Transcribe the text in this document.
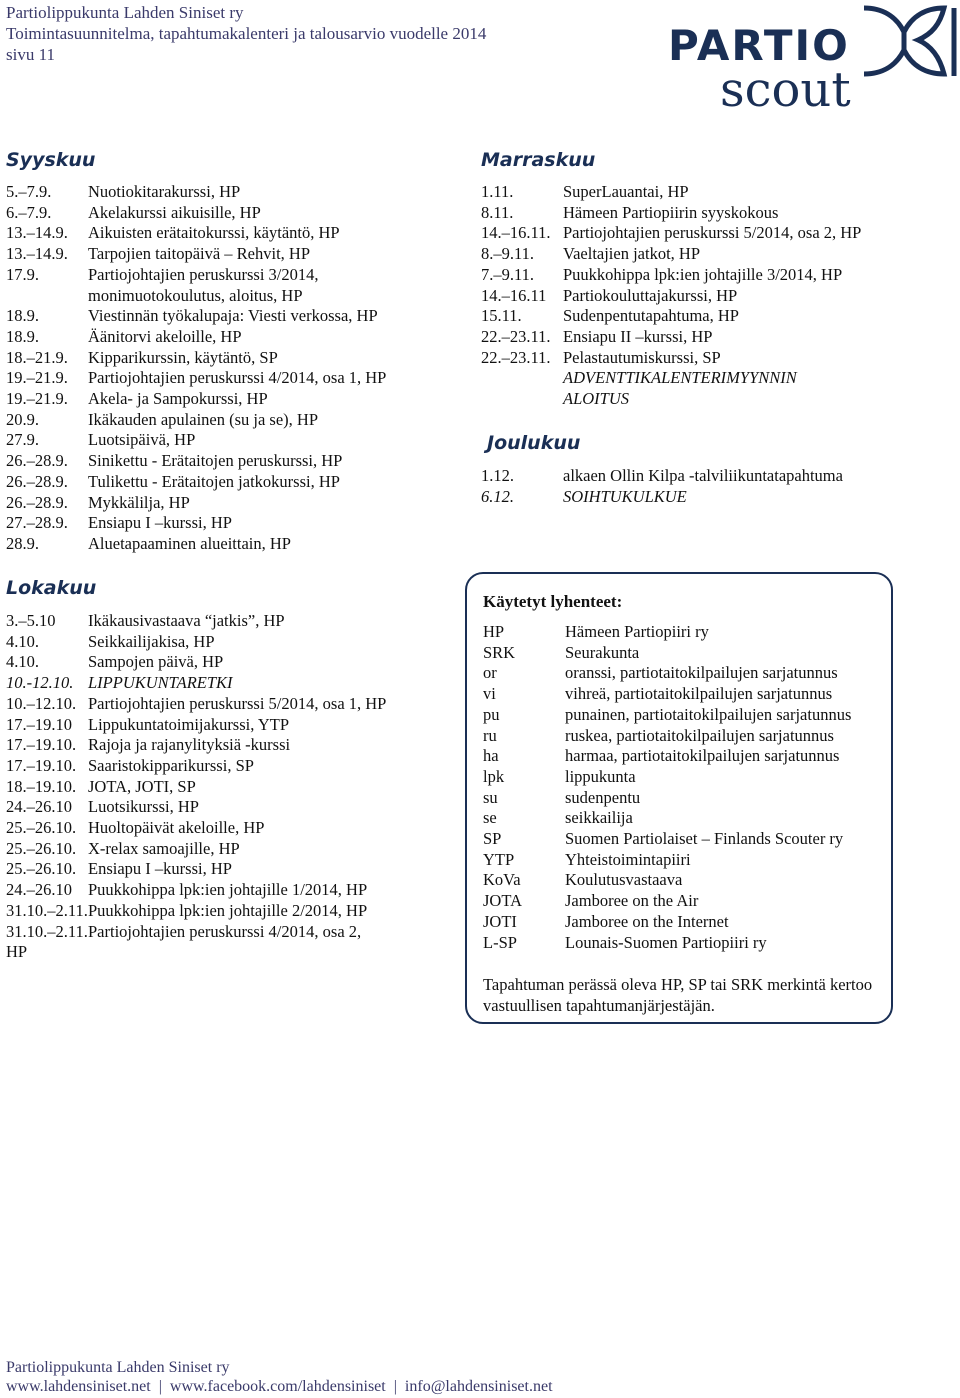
Partiolippukunta Lahden Siniset ry
Toimintasuunnitelma, tapahtumakalenteri ja talousarvio vuodelle 2014
sivu 11	PARTIO
scout
Syyskuu
5.–7.9.	Nuotiokitarakurssi, HP
6.–7.9.	Akelakurssi aikuisille, HP
13.–14.9.	Aikuisten erätaitokurssi, käytäntö, HP
13.–14.9.	Tarpojien taitopäivä – Rehvit, HP
17.9.	Partiojohtajien peruskurssi 3/2014,
monimuotokoulutus, aloitus, HP
18.9.	Viestinnän työkalupaja: Viesti verkossa, HP
18.9.	Äänitorvi akeloille, HP
18.–21.9.	Kipparikurssin, käytäntö, SP
19.–21.9.	Partiojohtajien peruskurssi 4/2014, osa 1, HP
19.–21.9.	Akela- ja Sampokurssi, HP
20.9.	Ikäkauden apulainen (su ja se), HP
27.9.	Luotsipäivä, HP
26.–28.9.	Sinikettu - Erätaitojen peruskurssi, HP
26.–28.9.	Tulikettu - Erätaitojen jatkokurssi, HP
26.–28.9.	Mykkälilja, HP
27.–28.9.	Ensiapu I –kurssi, HP
28.9.	Aluetapaaminen alueittain, HP
Lokakuu
3.–5.10	Ikäkausivastaava “jatkis”, HP
4.10.	Seikkailijakisa, HP
4.10.	Sampojen päivä, HP
10.-12.10. LIPPUKUNTARETKI
10.–12.10. Partiojohtajien peruskurssi 5/2014, osa 1, HP
17.–19.10 Lippukuntatoimijakurssi, YTP
17.–19.10. Rajoja ja rajanylityksiä -kurssi
17.–19.10. Saaristokipparikurssi, SP
18.–19.10. JOTA, JOTI, SP
24.–26.10 Luotsikurssi, HP
25.–26.10. Huoltopäivät akeloille, HP
25.–26.10. X-relax samoajille, HP
25.–26.10. Ensiapu I –kurssi, HP
24.–26.10 Puukkohippa lpk:ien johtajille 1/2014, HP
31.10.–2.11. Puukkohippa lpk:ien johtajille 2/2014, HP
31.10.–2.11. Partiojohtajien peruskurssi 4/2014, osa 2,
HP
Marraskuu
1.11.	SuperLauantai, HP
8.11.	Hämeen Partiopiirin syyskokous
14.–16.11. Partiojohtajien peruskurssi 5/2014, osa 2, HP
8.–9.11.	Vaeltajien jatkot, HP
7.–9.11.	Puukkohippa lpk:ien johtajille 3/2014, HP
14.–16.11	Partiokouluttajakurssi, HP
15.11.	Sudenpentutapahtuma, HP
22.–23.11. Ensiapu II –kurssi, HP
22.–23.11. Pelastautumiskurssi, SP
ADVENTTIKALENTERIMYYNNIN
ALOITUS
Joulukuu
1.12.	alkaen Ollin Kilpa -talviliikuntatapahtuma
6.12.	SOIHTUKULKUE
Käytetyt lyhenteet:
HP	Hämeen Partiopiiri ry
SRK	Seurakunta
or	oranssi, partiotaitokilpailujen sarjatunnus
vi	vihreä, partiotaitokilpailujen sarjatunnus
pu	punainen, partiotaitokilpailujen sarjatunnus
ru	ruskea, partiotaitokilpailujen sarjatunnus
ha	harmaa, partiotaitokilpailujen sarjatunnus
lpk	lippukunta
su	sudenpentu
se	seikkailija
SP	Suomen Partiolaiset – Finlands Scouter ry
YTP	Yhteistoimintapiiri
KoVa	Koulutusvastaava
JOTA	Jamboree on the Air
JOTI	Jamboree on the Internet
L-SP	Lounais-Suomen Partiopiiri ry
Tapahtuman perässä oleva HP, SP tai SRK merkintä kertoo vastuullisen tapahtumanjärjestäjän.
Partiolippukunta Lahden Siniset ry
www.lahdensiniset.net | www.facebook.com/lahdensiniset | info@lahdensiniset.net
